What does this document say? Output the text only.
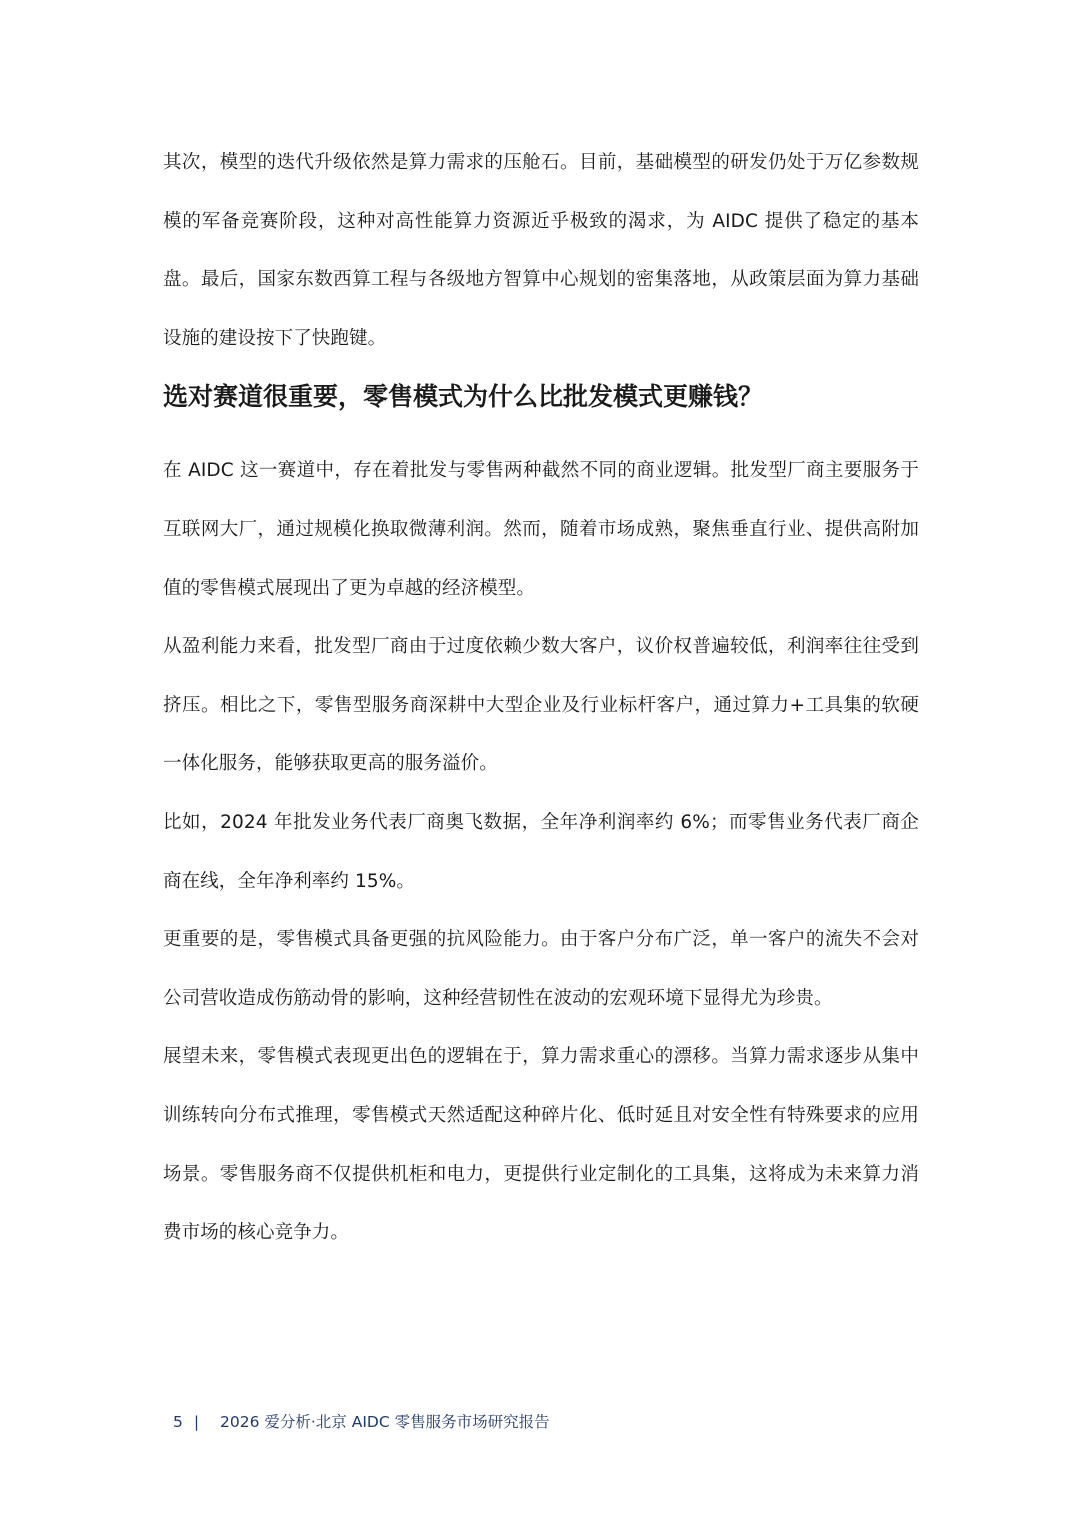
其次，模型的迭代升级依然是算力需求的压舱石。目前，基础模型的研发仍处于万亿参数规模的军备竞赛阶段，这种对高性能算力资源近乎极致的渴求，为 AIDC 提供了稳定的基本盘。最后，国家东数西算工程与各级地方智算中心规划的密集落地，从政策层面为算力基础设施的建设按下了快跑键。

选对赛道很重要，零售模式为什么比批发模式更赚钱？

在 AIDC 这一赛道中，存在着批发与零售两种截然不同的商业逻辑。批发型厂商主要服务于互联网大厂，通过规模化换取微薄利润。然而，随着市场成熟，聚焦垂直行业、提供高附加值的零售模式展现出了更为卓越的经济模型。

从盈利能力来看，批发型厂商由于过度依赖少数大客户，议价权普遍较低，利润率往往受到挤压。相比之下，零售型服务商深耕中大型企业及行业标杆客户，通过算力+工具集的软硬一体化服务，能够获取更高的服务溢价。

比如，2024 年批发业务代表厂商奥飞数据，全年净利润率约 6%；而零售业务代表厂商企商在线，全年净利率约 15%。

更重要的是，零售模式具备更强的抗风险能力。由于客户分布广泛，单一客户的流失不会对公司营收造成伤筋动骨的影响，这种经营韧性在波动的宏观环境下显得尤为珍贵。

展望未来，零售模式表现更出色的逻辑在于，算力需求重心的漂移。当算力需求逐步从集中训练转向分布式推理，零售模式天然适配这种碎片化、低时延且对安全性有特殊要求的应用场景。零售服务商不仅提供机柜和电力，更提供行业定制化的工具集，这将成为未来算力消费市场的核心竞争力。

5 | 2026 爱分析·北京 AIDC 零售服务市场研究报告
